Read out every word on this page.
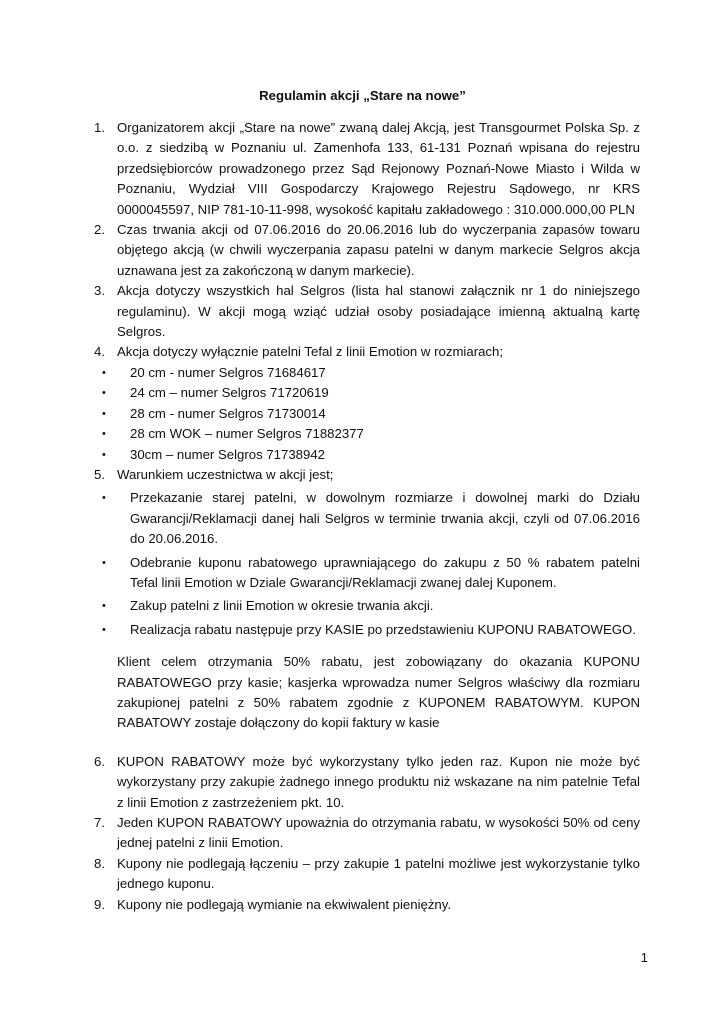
Regulamin akcji „Stare na nowe”
1. Organizatorem akcji „Stare na nowe” zwaną dalej Akcją, jest Transgourmet Polska Sp. z o.o. z siedzibą w Poznaniu ul. Zamenhofa 133, 61-131 Poznań wpisana do rejestru przedsiębiorców prowadzonego przez Sąd Rejonowy Poznań-Nowe Miasto i Wilda w Poznaniu, Wydział VIII Gospodarczy Krajowego Rejestru Sądowego, nr KRS 0000045597, NIP 781-10-11-998, wysokość kapitału zakładowego : 310.000.000,00 PLN
2. Czas trwania akcji od 07.06.2016 do 20.06.2016 lub do wyczerpania zapasów towaru objętego akcją (w chwili wyczerpania zapasu patelni w danym markecie Selgros akcja uznawana jest za zakończoną w danym markecie).
3. Akcja dotyczy wszystkich hal Selgros (lista hal stanowi załącznik nr 1 do niniejszego regulaminu). W akcji mogą wziąć udział osoby posiadające imienną aktualną kartę Selgros.
4. Akcja dotyczy wyłącznie patelni Tefal z linii Emotion w rozmiarach;
• 20 cm - numer Selgros 71684617
• 24 cm – numer Selgros 71720619
• 28 cm - numer Selgros 71730014
• 28 cm WOK – numer Selgros 71882377
• 30cm – numer Selgros 71738942
5. Warunkiem uczestnictwa w akcji jest;
• Przekazanie starej patelni, w dowolnym rozmiarze i dowolnej marki do Działu Gwarancji/Reklamacji danej hali Selgros w terminie trwania akcji, czyli od 07.06.2016 do 20.06.2016.
• Odebranie kuponu rabatowego uprawniającego do zakupu z 50 % rabatem patelni Tefal linii Emotion w Dziale Gwarancji/Reklamacji zwanej dalej Kuponem.
• Zakup patelni z linii Emotion w okresie trwania akcji.
• Realizacja rabatu następuje przy KASIE po przedstawieniu KUPONU RABATOWEGO.

Klient celem otrzymania 50% rabatu, jest zobowiązany do okazania KUPONU RABATOWEGO przy kasie; kasjerka wprowadza numer Selgros właściwy dla rozmiaru zakupionej patelni z 50% rabatem zgodnie z KUPONEM RABATOWYM. KUPON RABATOWY zostaje dołączony do kopii faktury w kasie

6. KUPON RABATOWY może być wykorzystany tylko jeden raz. Kupon nie może być wykorzystany przy zakupie żadnego innego produktu niż wskazane na nim patelnie Tefal z linii Emotion z zastrzeżeniem pkt. 10.
7. Jeden KUPON RABATOWY upoważnia do otrzymania rabatu, w wysokości 50% od ceny jednej patelni z linii Emotion.
8. Kupony nie podlegają łączeniu – przy zakupie 1 patelni możliwe jest wykorzystanie tylko jednego kuponu.
9. Kupony nie podlegają wymianie na ekwiwalent pieniężny.
1
